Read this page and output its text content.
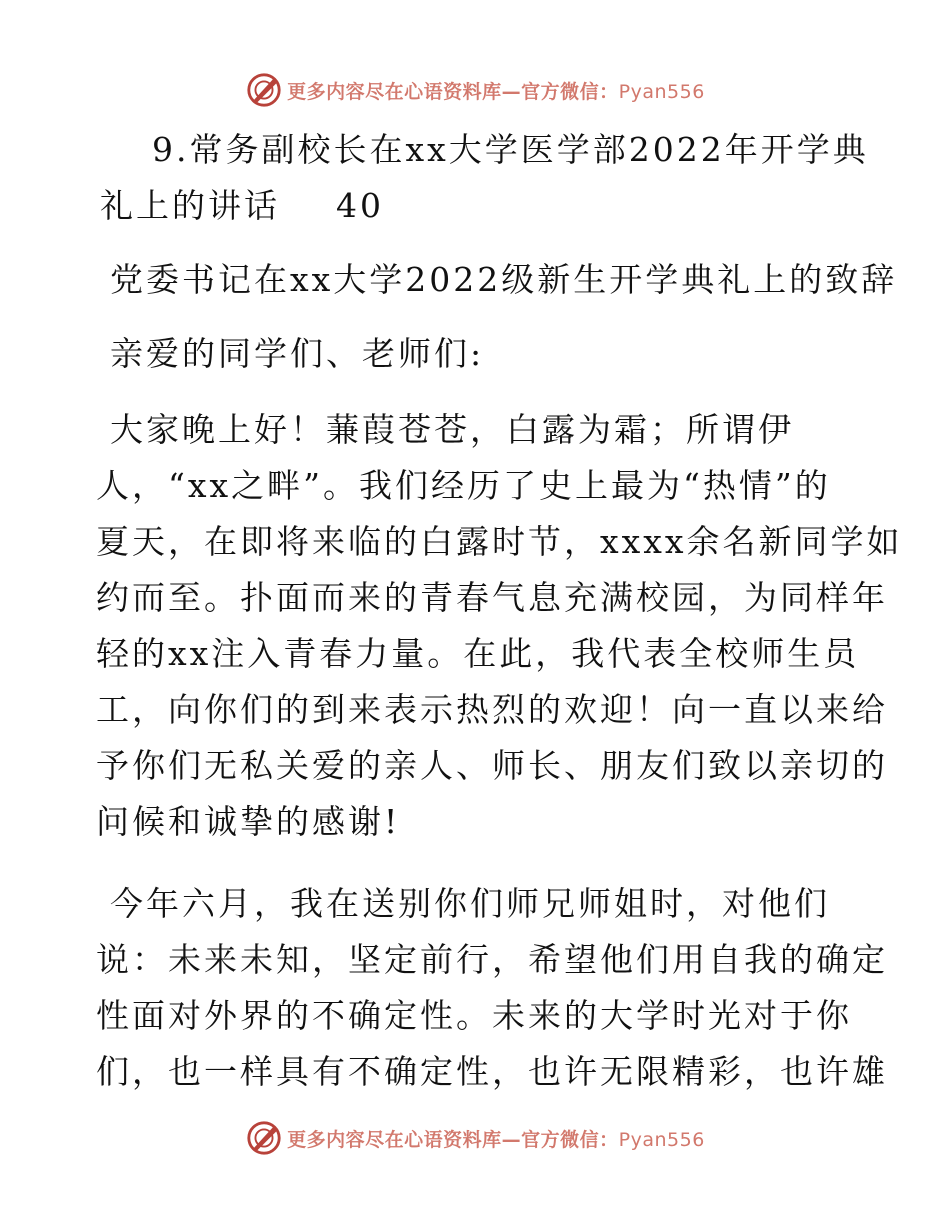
更多内容尽在心语资料库—官方微信：Pyan556
9.常务副校长在xx大学医学部2022年开学典
礼上的讲话 40
党委书记在xx大学2022级新生开学典礼上的致辞
亲爱的同学们、老师们:
大家晚上好！蒹葭苍苍，白露为霜；所谓伊
人，“xx之畔”。我们经历了史上最为“热情”的
夏天，在即将来临的白露时节，xxxx余名新同学如
约而至。扑面而来的青春气息充满校园，为同样年
轻的xx注入青春力量。在此，我代表全校师生员
工，向你们的到来表示热烈的欢迎！向一直以来给
予你们无私关爱的亲人、师长、朋友们致以亲切的
问候和诚挚的感谢!
今年六月，我在送别你们师兄师姐时，对他们
说：未来未知，坚定前行，希望他们用自我的确定
性面对外界的不确定性。未来的大学时光对于你
们，也一样具有不确定性，也许无限精彩，也许雄
更多内容尽在心语资料库—官方微信：Pyan556
